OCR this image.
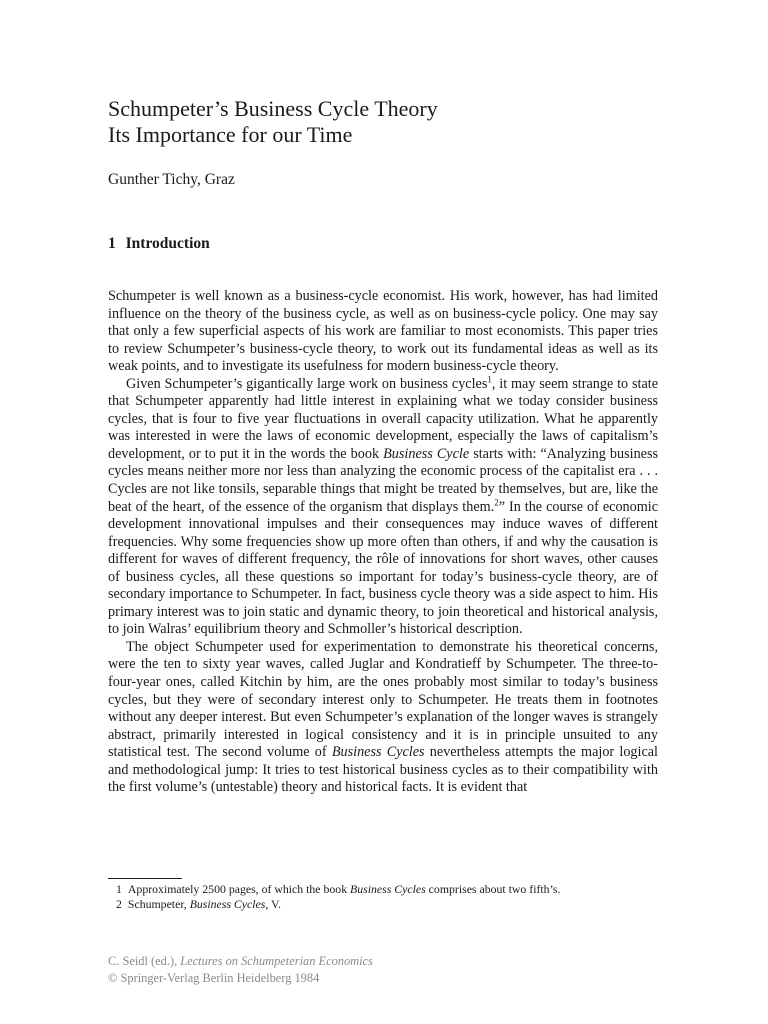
Schumpeter’s Business Cycle Theory
Its Importance for our Time

Gunther Tichy, Graz

1 Introduction

Schumpeter is well known as a business-cycle economist. His work, however, has had limited influence on the theory of the business cycle, as well as on business-cycle policy. One may say that only a few superficial aspects of his work are familiar to most economists. This paper tries to review Schumpeter’s business-cycle theory, to work out its fundamental ideas as well as its weak points, and to investigate its usefulness for modern business-cycle theory.

Given Schumpeter’s gigantically large work on business cycles$^1$, it may seem strange to state that Schumpeter apparently had little interest in explaining what we today consider business cycles, that is four to five year fluctuations in overall capacity utilization. What he apparently was interested in were the laws of economic development, especially the laws of capitalism’s development, or to put it in the words the book Business Cycle starts with: “Analyzing business cycles means neither more nor less than analyzing the economic process of the capitalist era . . . Cycles are not like tonsils, separable things that might be treated by themselves, but are, like the beat of the heart, of the essence of the organism that displays them.$^2$” In the course of economic development innovational impulses and their consequences may induce waves of different frequencies. Why some frequencies show up more often than others, if and why the causation is different for waves of different frequency, the rôle of innovations for short waves, other causes of business cycles, all these questions so important for today’s business-cycle theory, are of secondary importance to Schumpeter. In fact, business cycle theory was a side aspect to him. His primary interest was to join static and dynamic theory, to join theoretical and historical analysis, to join Walras’ equilibrium theory and Schmoller’s historical description.

The object Schumpeter used for experimentation to demonstrate his theoretical concerns, were the ten to sixty year waves, called Juglar and Kondratieff by Schumpeter. The three-to-four-year ones, called Kitchin by him, are the ones probably most similar to today’s business cycles, but they were of secondary interest only to Schumpeter. He treats them in footnotes without any deeper interest. But even Schumpeter’s explanation of the longer waves is strangely abstract, primarily interested in logical consistency and it is in principle unsuited to any statistical test. The second volume of Business Cycles nevertheless attempts the major logical and methodological jump: It tries to test historical business cycles as to their compatibility with the first volume’s (untestable) theory and historical facts. It is evident that

1 Approximately 2500 pages, of which the book Business Cycles comprises about two fifth’s.
2 Schumpeter, Business Cycles, V.
C. Seidl (ed.), Lectures on Schumpeterian Economics
© Springer-Verlag Berlin Heidelberg 1984
